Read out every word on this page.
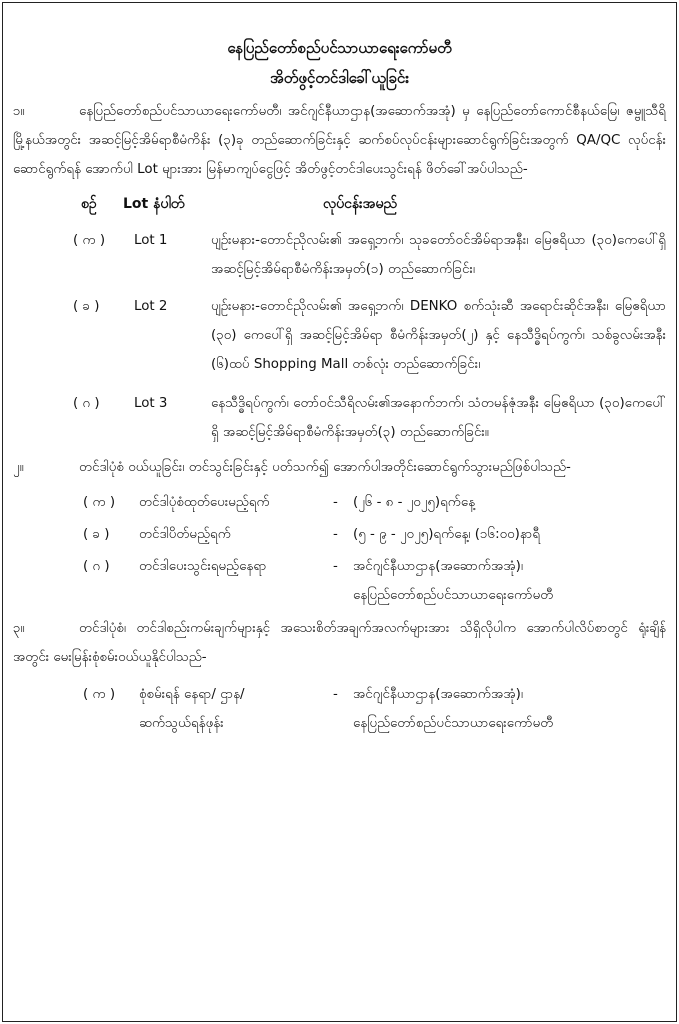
နေပြည်တော်စည်ပင်သာယာရေးကော်မတီ
အိတ်ဖွင့်တင်ဒါခေါ်ယူခြင်း
၁။	နေပြည်တော်စည်ပင်သာယာရေးကော်မတီ၊ အင်ဂျင်နီယာဌာန(အဆောက်အအုံ) မှ နေပြည်တော်ကောင်စီနယ်မြေ၊ ဇမ္ဗူသီရိမြို့နယ်အတွင်း အဆင့်မြင့်အိမ်ရာစီမံကိန်း (၃)ခု တည်ဆောက်ခြင်းနှင့် ဆက်စပ်လုပ်ငန်းများဆောင်ရွက်ခြင်းအတွက် QA/QC လုပ်ငန်းဆောင်ရွက်ရန် အောက်ပါ Lot များအား မြန်မာကျပ်ငွေဖြင့် အိတ်ဖွင့်တင်ဒါပေးသွင်းရန် ဖိတ်ခေါ်အပ်ပါသည်-
စဉ် Lot နံပါတ်	လုပ်ငန်းအမည်
( က ) Lot 1	ပျဉ်းမနား-တောင်ညိုလမ်း၏ အရှေ့ဘက်၊ သုခတော်ဝင်အိမ်ရာအနီး၊ မြေဧရိယာ (၃၀)ကေပေါ်ရှိ အဆင့်မြင့်အိမ်ရာစီမံကိန်းအမှတ်(၁) တည်ဆောက်ခြင်း၊
( ခ )	Lot 2	ပျဉ်းမနား-တောင်ညိုလမ်း၏ အရှေ့ဘက်၊ DENKO စက်သုံးဆီ အရောင်းဆိုင်အနီး၊ မြေဧရိယာ (၃၀) ကေပေါ်ရှိ အဆင့်မြင့်အိမ်ရာ စီမံကိန်းအမှတ်(၂) နှင့် နေသီဒ္ဓိရပ်ကွက်၊ သစ်ခွလမ်းအနီး (၆)ထပ် Shopping Mall တစ်လုံး တည်ဆောက်ခြင်း၊
( ဂ )	Lot 3	နေသီဒ္ဓိရပ်ကွက်၊ တော်ဝင်သီရိလမ်း၏အနောက်ဘက်၊ သံတမန်ဇုံအနီး မြေဧရိယာ (၃၀)ကေပေါ်ရှိ အဆင့်မြင့်အိမ်ရာစီမံကိန်းအမှတ်(၃) တည်ဆောက်ခြင်း။
၂။	တင်ဒါပုံစံ ဝယ်ယူခြင်း၊ တင်သွင်းခြင်းနှင့် ပတ်သက်၍ အောက်ပါအတိုင်းဆောင်ရွက်သွားမည်ဖြစ်ပါသည်-
( က ) တင်ဒါပုံစံထုတ်ပေးမည့်ရက်	- (၂၆ - ၈ - ၂၀၂၅)ရက်နေ့
( ခ ) တင်ဒါပိတ်မည့်ရက်	- (၅ - ၉ - ၂၀၂၅)ရက်နေ့၊ (၁၆:၀၀)နာရီ
( ဂ ) တင်ဒါပေးသွင်းရမည့်နေရာ	- အင်ဂျင်နီယာဌာန(အဆောက်အအုံ)၊
နေပြည်တော်စည်ပင်သာယာရေးကော်မတီ
၃။	တင်ဒါပုံစံ၊ တင်ဒါစည်းကမ်းချက်များနှင့် အသေးစိတ်အချက်အလက်များအား သိရှိလိုပါက အောက်ပါလိပ်စာတွင် ရုံးချိန်အတွင်း မေးမြန်းစုံစမ်းဝယ်ယူနိုင်ပါသည်-
( က ) စုံစမ်းရန် နေရာ/ ဌာန/
ဆက်သွယ်ရန်ဖုန်း
- အင်ဂျင်နီယာဌာန(အဆောက်အအုံ)၊
နေပြည်တော်စည်ပင်သာယာရေးကော်မတီ
